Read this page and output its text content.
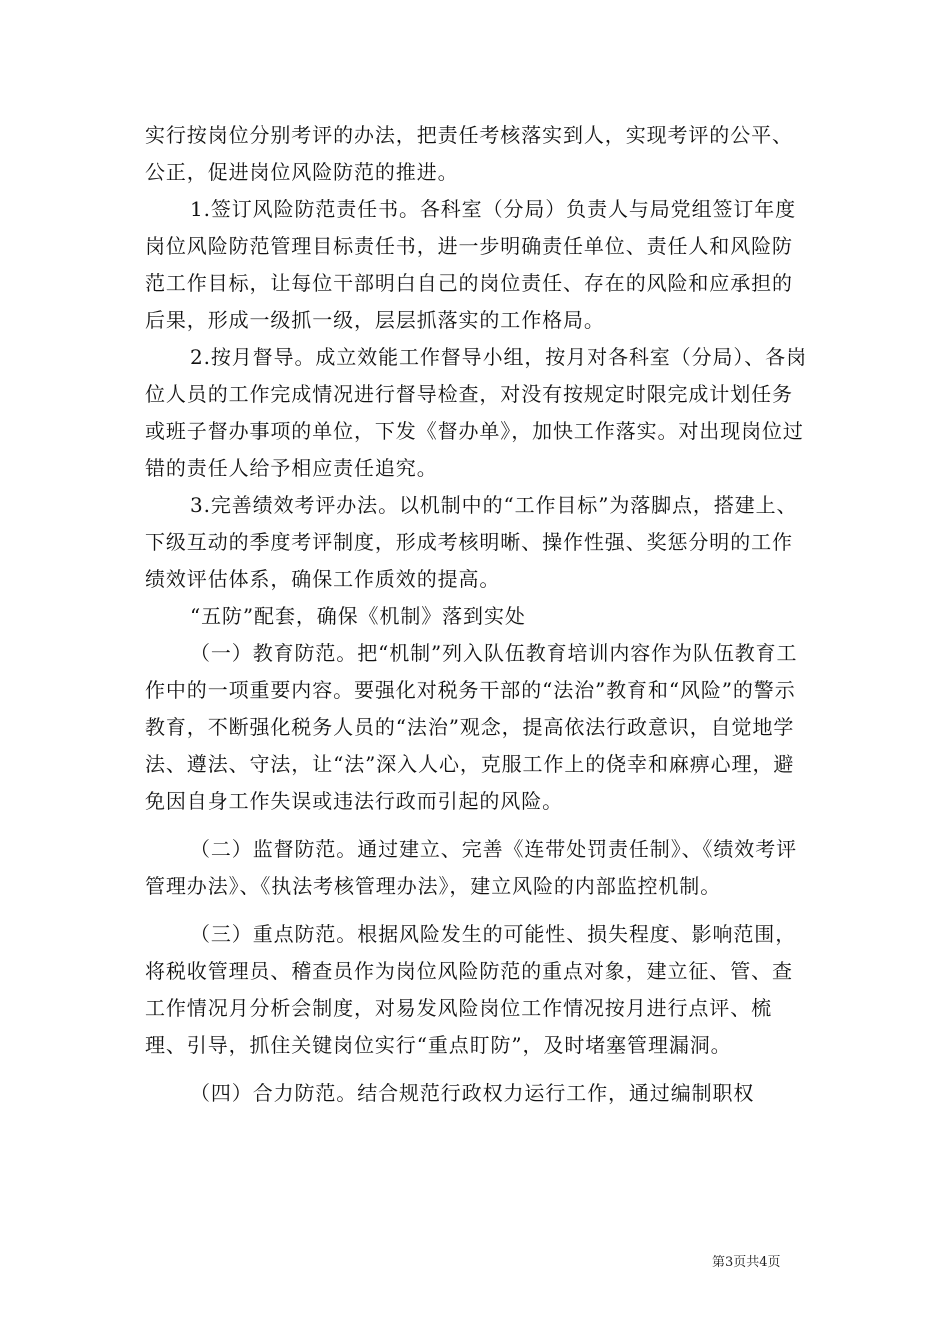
实行按岗位分别考评的办法，把责任考核落实到人，实现考评的公平、公正，促进岗位风险防范的推进。

1.签订风险防范责任书。各科室（分局）负责人与局党组签订年度岗位风险防范管理目标责任书，进一步明确责任单位、责任人和风险防范工作目标，让每位干部明白自己的岗位责任、存在的风险和应承担的后果，形成一级抓一级，层层抓落实的工作格局。

2.按月督导。成立效能工作督导小组，按月对各科室（分局）、各岗位人员的工作完成情况进行督导检查，对没有按规定时限完成计划任务或班子督办事项的单位，下发《督办单》，加快工作落实。对出现岗位过错的责任人给予相应责任追究。

3.完善绩效考评办法。以机制中的“工作目标”为落脚点，搭建上、下级互动的季度考评制度，形成考核明晰、操作性强、奖惩分明的工作绩效评估体系，确保工作质效的提高。

“五防”配套，确保《机制》落到实处

（一）教育防范。把“机制”列入队伍教育培训内容作为队伍教育工作中的一项重要内容。要强化对税务干部的“法治”教育和“风险”的警示教育，不断强化税务人员的“法治”观念，提高依法行政意识，自觉地学法、遵法、守法，让“法”深入人心，克服工作上的侥幸和麻痹心理，避免因自身工作失误或违法行政而引起的风险。

（二）监督防范。通过建立、完善《连带处罚责任制》、《绩效考评管理办法》、《执法考核管理办法》，建立风险的内部监控机制。

（三）重点防范。根据风险发生的可能性、损失程度、影响范围，将税收管理员、稽查员作为岗位风险防范的重点对象，建立征、管、查工作情况月分析会制度，对易发风险岗位工作情况按月进行点评、梳理、引导，抓住关键岗位实行“重点盯防”，及时堵塞管理漏洞。

（四）合力防范。结合规范行政权力运行工作，通过编制职权

第3页共4页
